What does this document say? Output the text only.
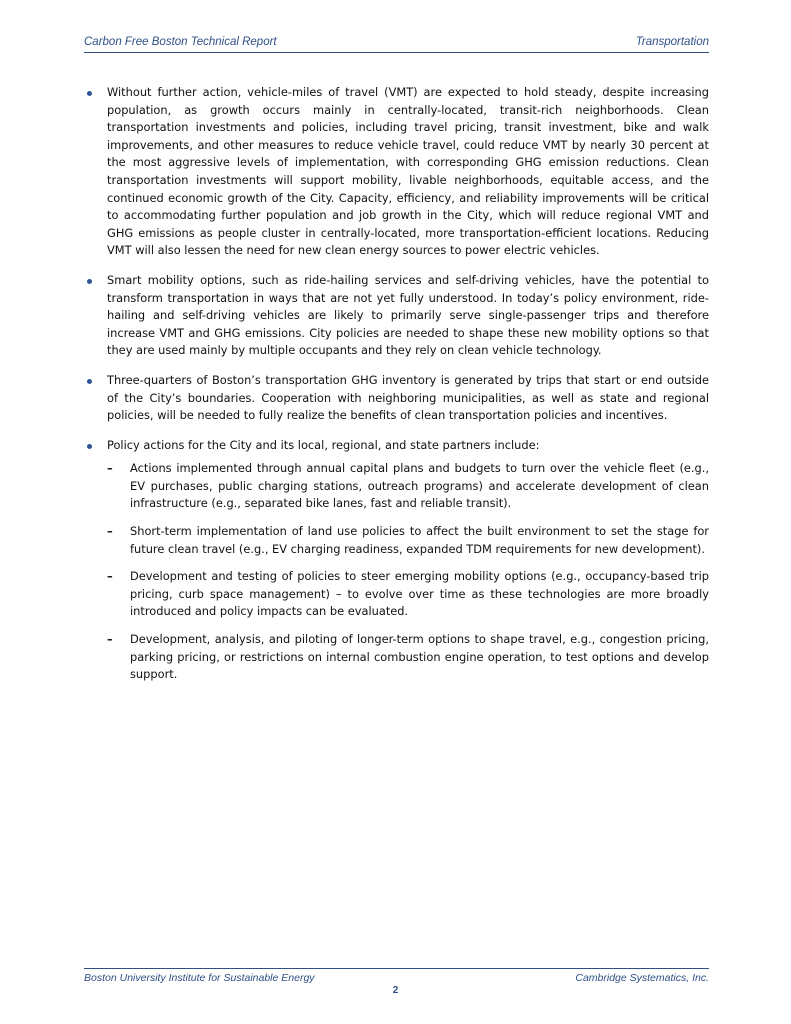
Carbon Free Boston Technical Report	Transportation
Without further action, vehicle-miles of travel (VMT) are expected to hold steady, despite increasing population, as growth occurs mainly in centrally-located, transit-rich neighborhoods. Clean transportation investments and policies, including travel pricing, transit investment, bike and walk improvements, and other measures to reduce vehicle travel, could reduce VMT by nearly 30 percent at the most aggressive levels of implementation, with corresponding GHG emission reductions. Clean transportation investments will support mobility, livable neighborhoods, equitable access, and the continued economic growth of the City. Capacity, efficiency, and reliability improvements will be critical to accommodating further population and job growth in the City, which will reduce regional VMT and GHG emissions as people cluster in centrally-located, more transportation-efficient locations. Reducing VMT will also lessen the need for new clean energy sources to power electric vehicles.
Smart mobility options, such as ride-hailing services and self-driving vehicles, have the potential to transform transportation in ways that are not yet fully understood. In today’s policy environment, ride-hailing and self-driving vehicles are likely to primarily serve single-passenger trips and therefore increase VMT and GHG emissions. City policies are needed to shape these new mobility options so that they are used mainly by multiple occupants and they rely on clean vehicle technology.
Three-quarters of Boston’s transportation GHG inventory is generated by trips that start or end outside of the City’s boundaries. Cooperation with neighboring municipalities, as well as state and regional policies, will be needed to fully realize the benefits of clean transportation policies and incentives.
Policy actions for the City and its local, regional, and state partners include:
– Actions implemented through annual capital plans and budgets to turn over the vehicle fleet (e.g., EV purchases, public charging stations, outreach programs) and accelerate development of clean infrastructure (e.g., separated bike lanes, fast and reliable transit).
– Short-term implementation of land use policies to affect the built environment to set the stage for future clean travel (e.g., EV charging readiness, expanded TDM requirements for new development).
– Development and testing of policies to steer emerging mobility options (e.g., occupancy-based trip pricing, curb space management) – to evolve over time as these technologies are more broadly introduced and policy impacts can be evaluated.
– Development, analysis, and piloting of longer-term options to shape travel, e.g., congestion pricing, parking pricing, or restrictions on internal combustion engine operation, to test options and develop support.
Boston University Institute for Sustainable Energy	Cambridge Systematics, Inc.
2
